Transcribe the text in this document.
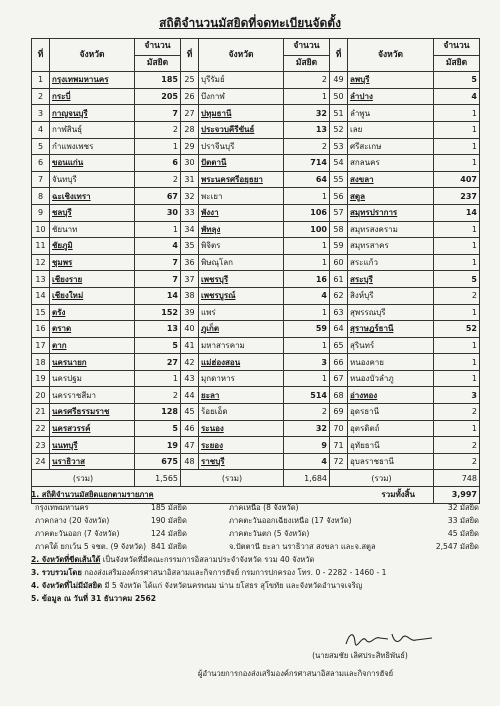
สถิติจำนวนมัสยิดที่จดทะเบียนจัดตั้ง
ที่	จังหวัด	จำนวน	ที่	จังหวัด	จำนวน	ที่	จังหวัด	จำนวน
		มัสยิด			มัสยิด			มัสยิด
1	กรุงเทพมหานคร	185	25	บุรีรัมย์	2	49	ลพบุรี	5
2	กระบี่	205	26	บึงกาฬ	1	50	ลำปาง	4
3	กาญจนบุรี	7	27	ปทุมธานี	32	51	ลำพูน	1
4	กาฬสินธุ์	2	28	ประจวบคีรีขันธ์	13	52	เลย	1
5	กำแพงเพชร	1	29	ปราจีนบุรี	2	53	ศรีสะเกษ	1
6	ขอนแก่น	6	30	ปัตตานี	714	54	สกลนคร	1
7	จันทบุรี	2	31	พระนครศรีอยุธยา	64	55	สงขลา	407
8	ฉะเชิงเทรา	67	32	พะเยา	1	56	สตูล	237
9	ชลบุรี	30	33	พังงา	106	57	สมุทรปราการ	14
10	ชัยนาท	1	34	พัทลุง	100	58	สมุทรสงคราม	1
11	ชัยภูมิ	4	35	พิจิตร	1	59	สมุทรสาคร	1
12	ชุมพร	7	36	พิษณุโลก	1	60	สระแก้ว	1
13	เชียงราย	7	37	เพชรบุรี	16	61	สระบุรี	5
14	เชียงใหม่	14	38	เพชรบูรณ์	4	62	สิงห์บุรี	2
15	ตรัง	152	39	แพร่	1	63	สุพรรณบุรี	1
16	ตราด	13	40	ภูเก็ต	59	64	สุราษฎร์ธานี	52
17	ตาก	5	41	มหาสารคาม	1	65	สุรินทร์	1
18	นครนายก	27	42	แม่ฮ่องสอน	3	66	หนองคาย	1
19	นครปฐม	1	43	มุกดาหาร	1	67	หนองบัวลำภู	1
20	นครราชสีมา	2	44	ยะลา	514	68	อ่างทอง	3
21	นครศรีธรรมราช	128	45	ร้อยเอ็ด	2	69	อุดรธานี	2
22	นครสวรรค์	5	46	ระนอง	32	70	อุตรดิตถ์	1
23	นนทบุรี	19	47	ระยอง	9	71	อุทัยธานี	2
24	นราธิวาส	675	48	ราชบุรี	4	72	อุบลราชธานี	2
(รวม)		1,565	(รวม)		1,684	(รวม)		748
รวมทั้งสิ้น								3,997
1. สถิติจำนวนมัสยิดแยกตามรายภาค
กรุงเทพมหานคร	185 มัสยิด	ภาคเหนือ (8 จังหวัด)	32 มัสยิด
ภาคกลาง (20 จังหวัด)	190 มัสยิด	ภาคตะวันออกเฉียงเหนือ (17 จังหวัด)	33 มัสยิด
ภาคตะวันออก (7 จังหวัด)	124 มัสยิด	ภาคตะวันตก (5 จังหวัด)	45 มัสยิด
ภาคใต้ ยกเว้น 5 จชต. (9 จังหวัด) 841 มัสยิด	จ.ปัตตานี ยะลา นราธิวาส สงขลา และจ.สตูล	2,547 มัสยิด
2. จังหวัดที่ขีดเส้นใต้ เป็นจังหวัดที่มีคณะกรรมการอิสลามประจำจังหวัด รวม 40 จังหวัด
3. รวบรวมโดย กองส่งเสริมองค์กรศาสนาอิสลามและกิจการฮัจย์ กรมการปกครอง โทร. 0 - 2282 - 1460 - 1
4. จังหวัดที่ไม่มีมัสยิด มี 5 จังหวัด ได้แก่ จังหวัดนครพนม น่าน ยโสธร สุโขทัย และจังหวัดอำนาจเจริญ
5. ข้อมูล ณ วันที่ 31 ธันวาคม 2562
(นายสมชัย เลิศประสิทธิพันธ์)
ผู้อำนวยการกองส่งเสริมองค์กรศาสนาอิสลามและกิจการฮัจย์
